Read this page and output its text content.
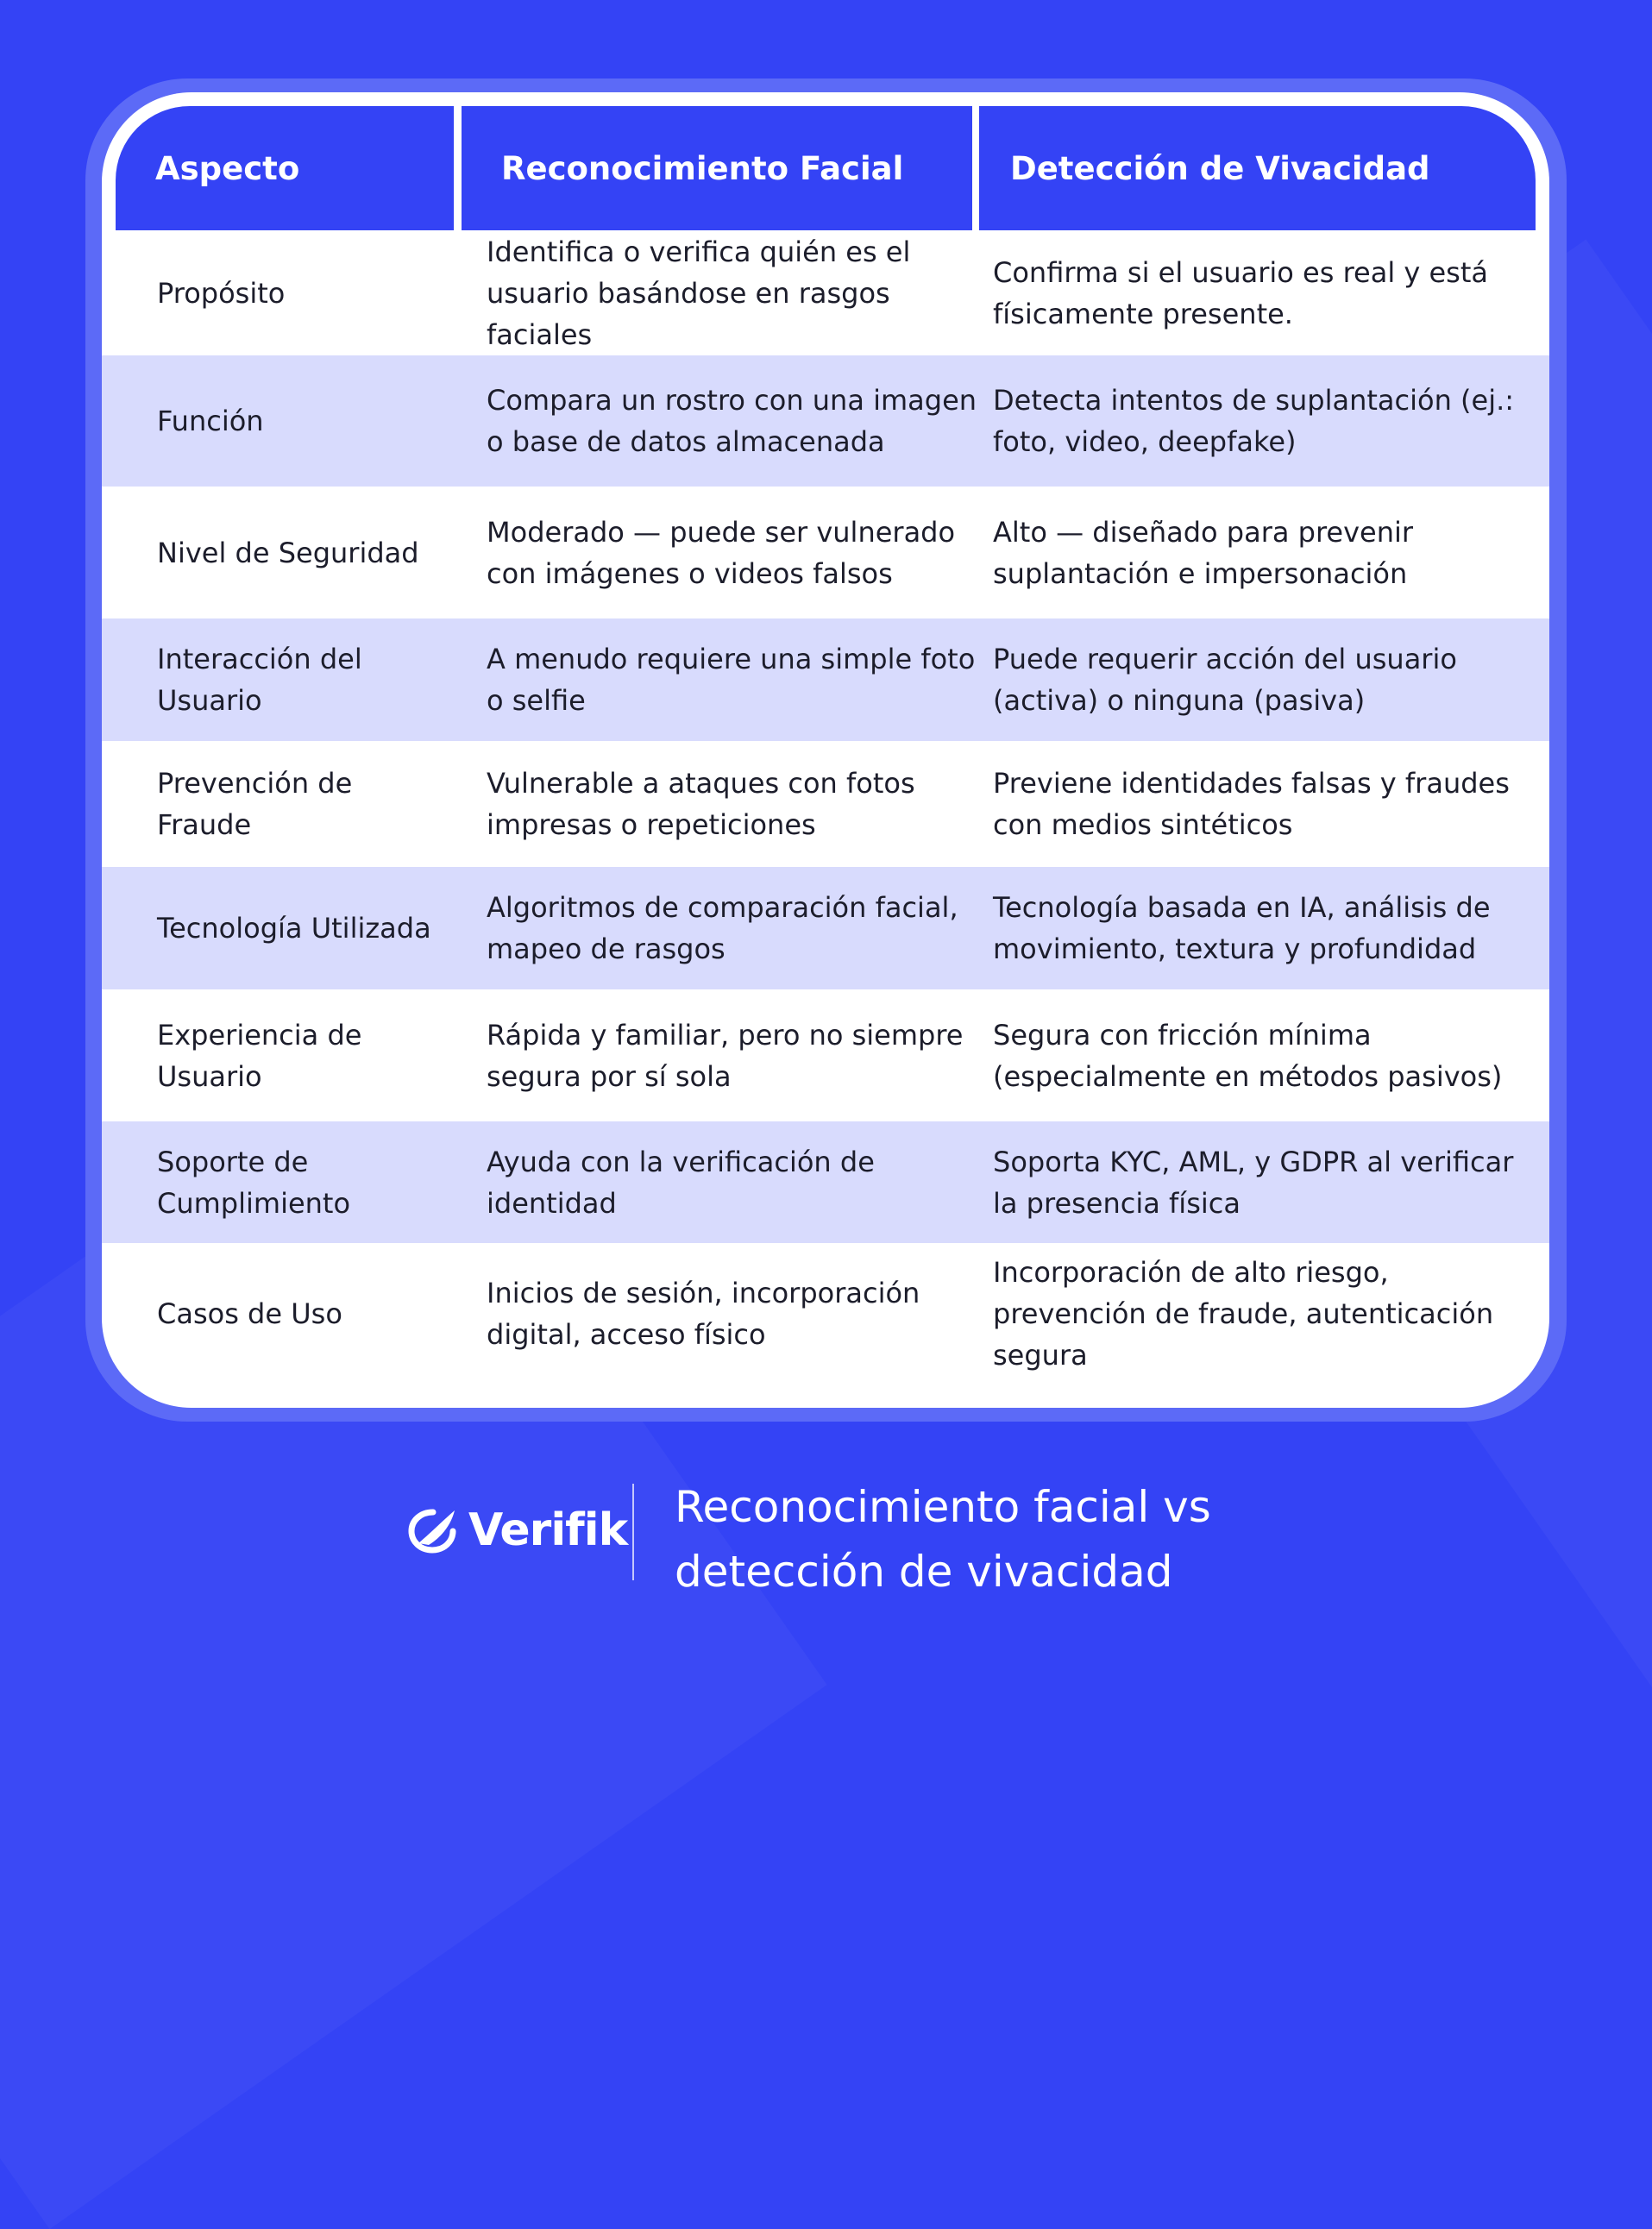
Aspecto	Reconocimiento Facial	Detección de Vivacidad
Propósito
Identifica o verifica quién es el usuario basándose en rasgos faciales
Confirma si el usuario es real y está físicamente presente.
Función
Compara un rostro con una imagen o base de datos almacenada
Detecta intentos de suplantación (ej.: foto, video, deepfake)
Nivel de Seguridad
Moderado — puede ser vulnerado con imágenes o videos falsos
Alto — diseñado para prevenir suplantación e impersonación
Interacción del Usuario
A menudo requiere una simple foto o selfie
Puede requerir acción del usuario (activa) o ninguna (pasiva)
Prevención de Fraude
Vulnerable a ataques con fotos impresas o repeticiones
Previene identidades falsas y fraudes con medios sintéticos
Tecnología Utilizada
Algoritmos de comparación facial, mapeo de rasgos
Tecnología basada en IA, análisis de movimiento, textura y profundidad
Experiencia de Usuario
Rápida y familiar, pero no siempre segura por sí sola
Segura con fricción mínima (especialmente en métodos pasivos)
Soporte de Cumplimiento
Ayuda con la verificación de identidad
Soporta KYC, AML, y GDPR al verificar la presencia física
Casos de Uso
Inicios de sesión, incorporación digital, acceso físico
Incorporación de alto riesgo, prevención de fraude, autenticación segura
Verifik Reconocimiento facial vs
detección de vivacidad
